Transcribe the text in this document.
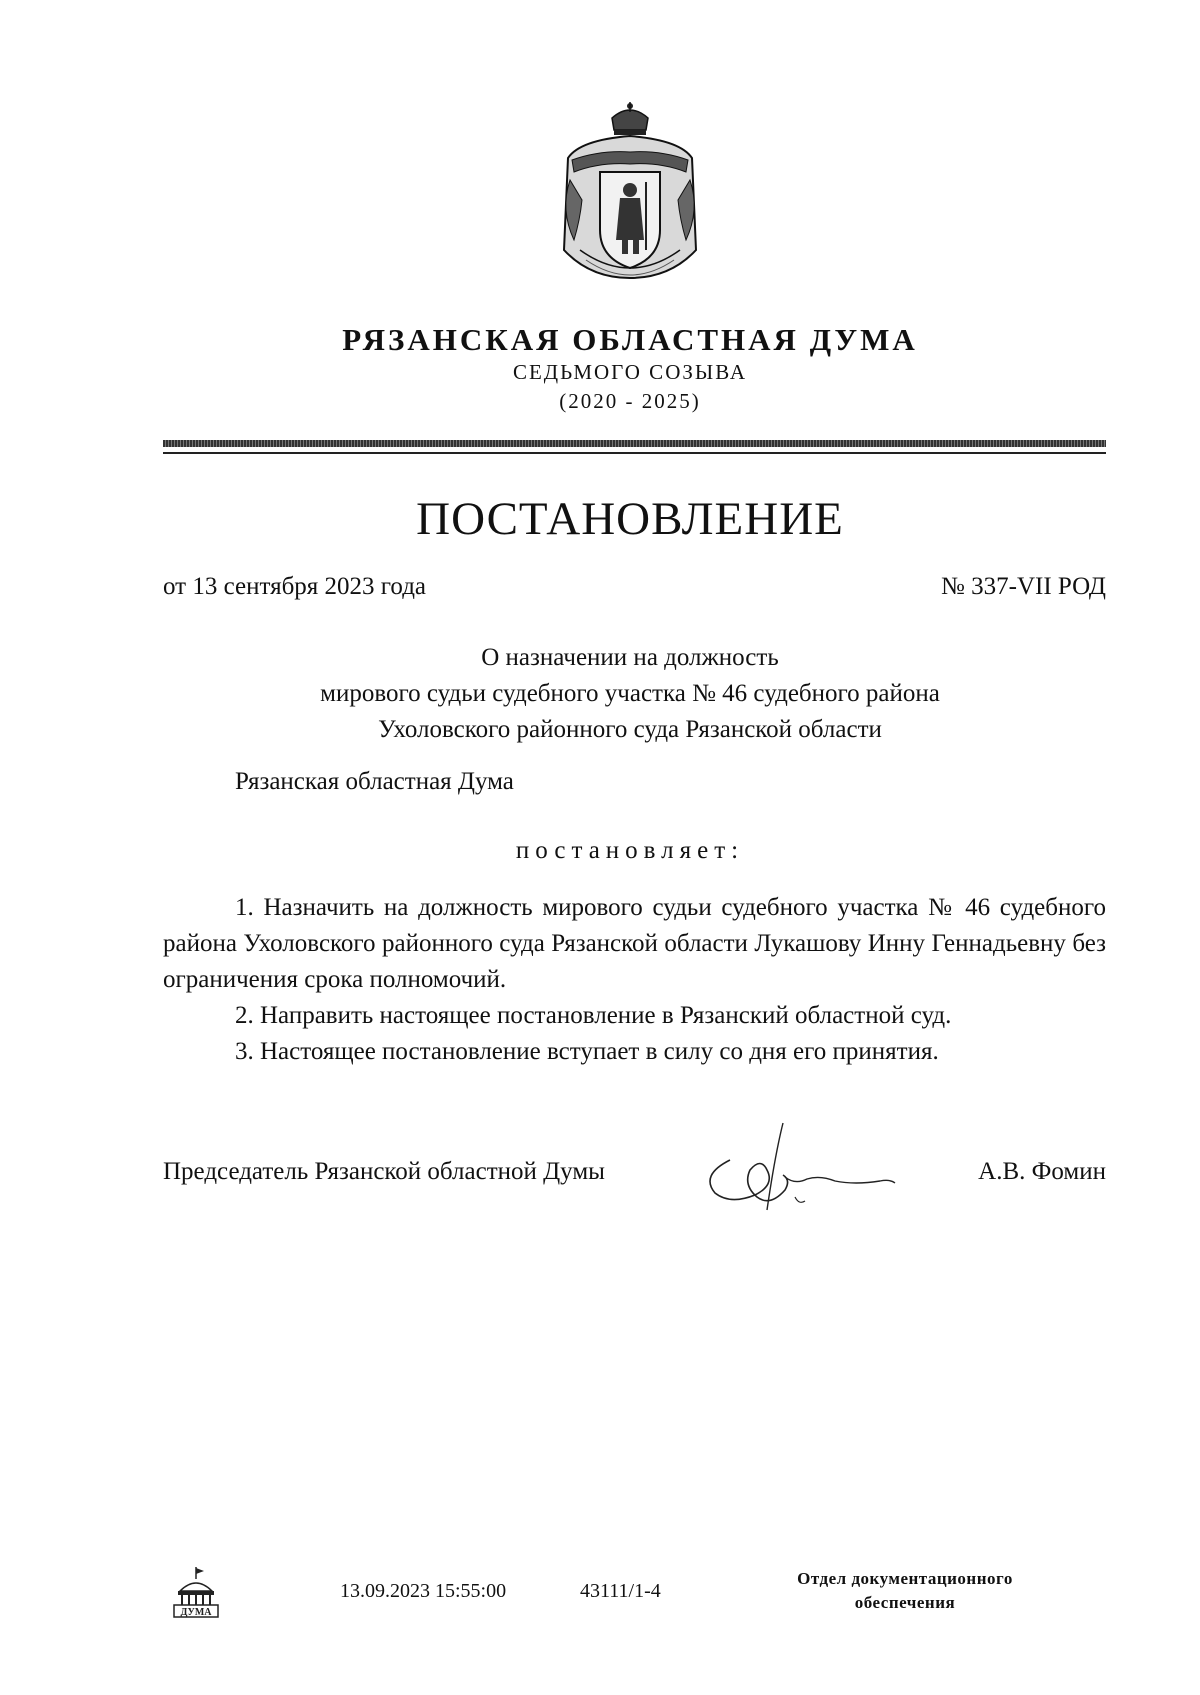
РЯЗАНСКАЯ ОБЛАСТНАЯ ДУМА
СЕДЬМОГО СОЗЫВА
(2020 - 2025)
ПОСТАНОВЛЕНИЕ
от 13 сентября 2023 года	№ 337-VII РОД
О назначении на должность
мирового судьи судебного участка № 46 судебного района
Ухоловского районного суда Рязанской области
Рязанская областная Дума
постановляет:

1. Назначить на должность мирового судьи судебного участка № 46 судебного района Ухоловского районного суда Рязанской области Лукашову Инну Геннадьевну без ограничения срока полномочий.

2. Направить настоящее постановление в Рязанский областной суд.

3. Настоящее постановление вступает в силу со дня его принятия.

Председатель Рязанской областной Думы	А.В. Фомин
ДУМА
13.09.2023 15:55:00	43111/1-4
Отдел документационного
обеспечения
